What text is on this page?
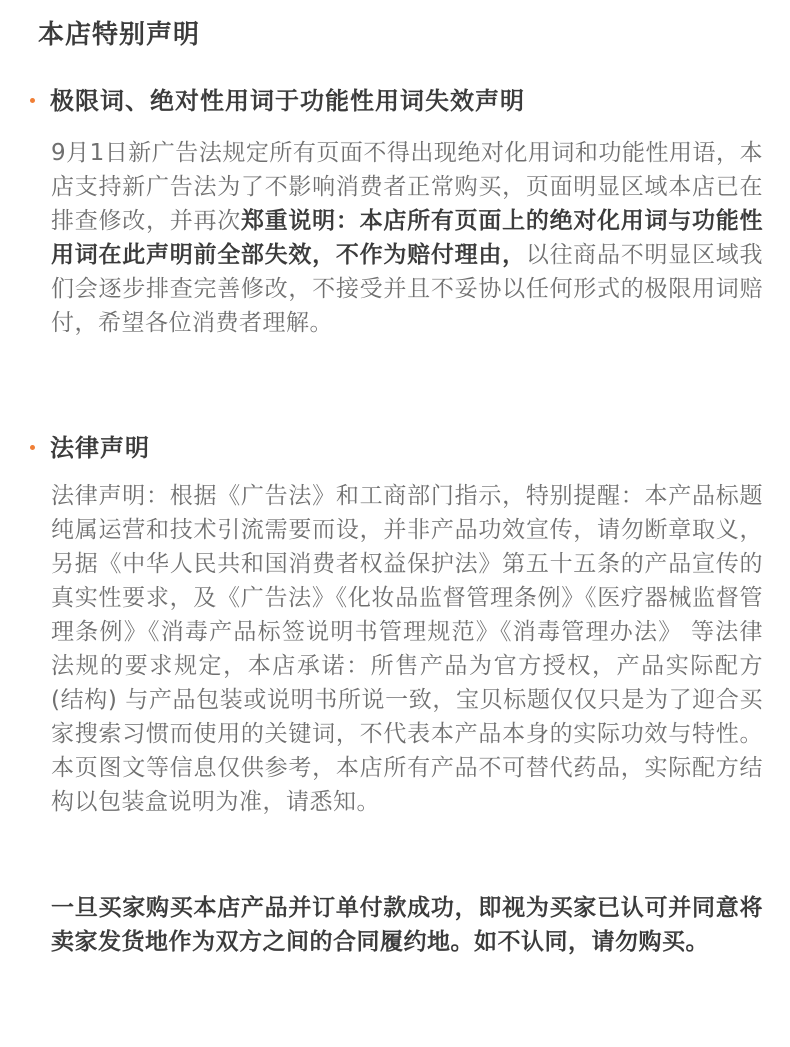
本店特别声明
极限词、绝对性用词于功能性用词失效声明

9月1日新广告法规定所有页面不得出现绝对化用词和功能性用语，本店支持新广告法为了不影响消费者正常购买，页面明显区域本店已在排查修改，并再次郑重说明：本店所有页面上的绝对化用词与功能性用词在此声明前全部失效，不作为赔付理由，以往商品不明显区域我们会逐步排查完善修改，不接受并且不妥协以任何形式的极限用词赔付，希望各位消费者理解。

法律声明

法律声明：根据《广告法》和工商部门指示，特别提醒：本产品标题纯属运营和技术引流需要而设，并非产品功效宣传，请勿断章取义，另据《中华人民共和国消费者权益保护法》第五十五条的产品宣传的真实性要求，及《广告法》《化妆品监督管理条例》《医疗器械监督管理条例》《消毒产品标签说明书管理规范》《消毒管理办法》 等法律法规的要求规定，本店承诺：所售产品为官方授权，产品实际配方(结构) 与产品包装或说明书所说一致，宝贝标题仅仅只是为了迎合买家搜索习惯而使用的关键词，不代表本产品本身的实际功效与特性。本页图文等信息仅供参考，本店所有产品不可替代药品，实际配方结构以包装盒说明为准，请悉知。

一旦买家购买本店产品并订单付款成功，即视为买家已认可并同意将卖家发货地作为双方之间的合同履约地。如不认同，请勿购买。
